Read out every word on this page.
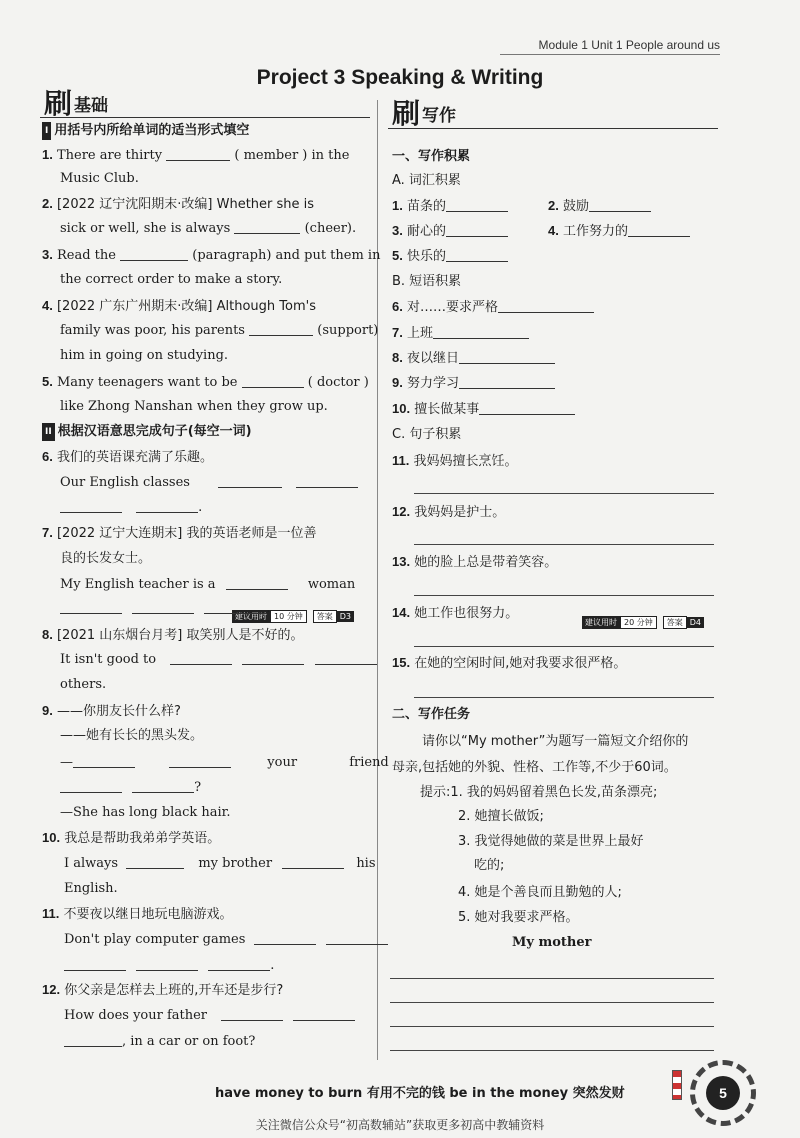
Module 1 Unit 1 People around us
Project 3 Speaking & Writing
刷 基础
建议用时 10 分钟	答案 D3
I 用括号内所给单词的适当形式填空
1. There are thirty	( member ) in the
Music Club.
2. [2022 辽宁沈阳期末·改编] Whether she is
sick or well, she is always	(cheer).
3. Read the	(paragraph) and put them in
the correct order to make a story.
4. [2022 广东广州期末·改编] Although Tom's
family was poor, his parents	(support)
him in going on studying.
5. Many teenagers want to be	( doctor )
like Zhong Nanshan when they grow up.
II 根据汉语意思完成句子(每空一词)
6. 我们的英语课充满了乐趣。
Our English classes
.
7. [2022 辽宁大连期末] 我的英语老师是一位善
良的长发女士。
My English teacher is a	woman
.
8. [2021 山东烟台月考] 取笑别人是不好的。
It isn't good to
others.
9. ——你朋友长什么样?
——她有长长的黑头发。
—	your	friend
?
—She has long black hair.
10. 我总是帮助我弟弟学英语。
I always	my brother	his
English.
11. 不要夜以继日地玩电脑游戏。
Don't play computer games
.
12. 你父亲是怎样去上班的,开车还是步行?
How does your father
, in a car or on foot?
刷 写作
建议用时 20 分钟	答案 D4
一、写作积累
A. 词汇积累
1. 苗条的	2. 鼓励
3. 耐心的	4. 工作努力的
5. 快乐的
B. 短语积累
6. 对……要求严格
7. 上班
8. 夜以继日
9. 努力学习
10. 擅长做某事
C. 句子积累
11. 我妈妈擅长烹饪。
12. 我妈妈是护士。
13. 她的脸上总是带着笑容。
14. 她工作也很努力。
15. 在她的空闲时间,她对我要求很严格。
二、写作任务
请你以“My mother”为题写一篇短文介绍你的
母亲,包括她的外貌、性格、工作等,不少于60词。
提示:1. 我的妈妈留着黑色长发,苗条漂亮;
2. 她擅长做饭;
3. 我觉得她做的菜是世界上最好
吃的;
4. 她是个善良而且勤勉的人;
5. 她对我要求严格。
My mother
have money to burn 有用不完的钱 be in the money 突然发财	5
关注微信公众号“初高数辅站”获取更多初高中教辅资料
